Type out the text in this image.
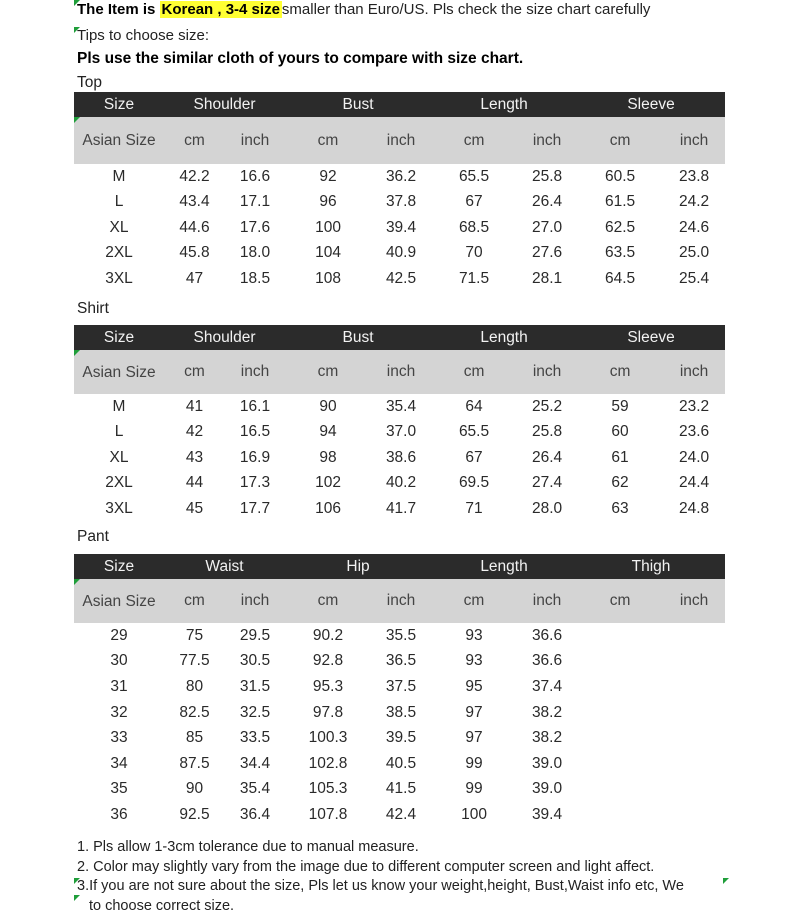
The Item is Korean , 3-4 size smaller than Euro/US. Pls check the size chart carefully
Tips to choose size:
Pls use the similar cloth of yours to compare with size chart.
Top
Size	Shoulder		Bust		Length		Sleeve	
Asian Size	cm	inch	cm	inch	cm	inch	cm	inch
M	42.2	16.6	92	36.2	65.5	25.8	60.5	23.8
L	43.4	17.1	96	37.8	67	26.4	61.5	24.2
XL	44.6	17.6	100	39.4	68.5	27.0	62.5	24.6
2XL	45.8	18.0	104	40.9	70	27.6	63.5	25.0
3XL	47	18.5	108	42.5	71.5	28.1	64.5	25.4
Shirt
Size	Shoulder		Bust		Length		Sleeve	
Asian Size	cm	inch	cm	inch	cm	inch	cm	inch
M	41	16.1	90	35.4	64	25.2	59	23.2
L	42	16.5	94	37.0	65.5	25.8	60	23.6
XL	43	16.9	98	38.6	67	26.4	61	24.0
2XL	44	17.3	102	40.2	69.5	27.4	62	24.4
3XL	45	17.7	106	41.7	71	28.0	63	24.8
Pant
Size	Waist		Hip		Length		Thigh	
Asian Size	cm	inch	cm	inch	cm	inch	cm	inch
29	75	29.5	90.2	35.5	93	36.6		
30	77.5	30.5	92.8	36.5	93	36.6		
31	80	31.5	95.3	37.5	95	37.4		
32	82.5	32.5	97.8	38.5	97	38.2		
33	85	33.5	100.3	39.5	97	38.2		
34	87.5	34.4	102.8	40.5	99	39.0		
35	90	35.4	105.3	41.5	99	39.0		
36	92.5	36.4	107.8	42.4	100	39.4		
1. Pls allow 1-3cm tolerance due to manual measure.
2. Color may slightly vary from the image due to different computer screen and light affect.
3.If you are not sure about the size, Pls let us know your weight,height, Bust,Waist info etc, We
to choose correct size.
